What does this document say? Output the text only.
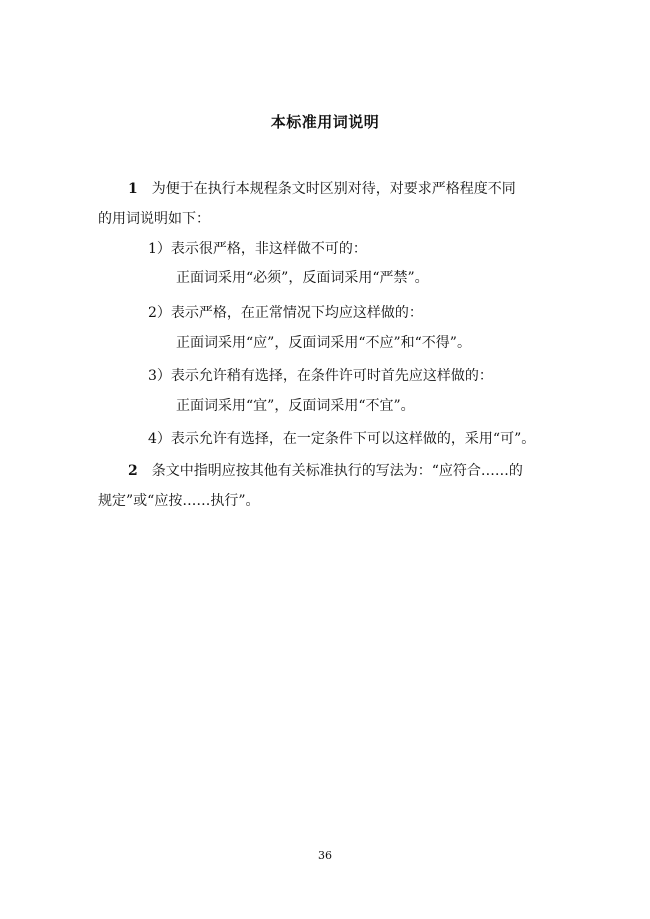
本标准用词说明
1 为便于在执行本规程条文时区别对待，对要求严格程度不同
的用词说明如下：
1）表示很严格，非这样做不可的：
正面词采用“必须”，反面词采用“严禁”。
2）表示严格，在正常情况下均应这样做的：
正面词采用“应”，反面词采用“不应”和“不得”。
3）表示允许稍有选择，在条件许可时首先应这样做的：
正面词采用“宜”，反面词采用“不宜”。
4）表示允许有选择，在一定条件下可以这样做的，采用“可”。
2 条文中指明应按其他有关标准执行的写法为：“应符合……的
规定”或“应按……执行”。
36
